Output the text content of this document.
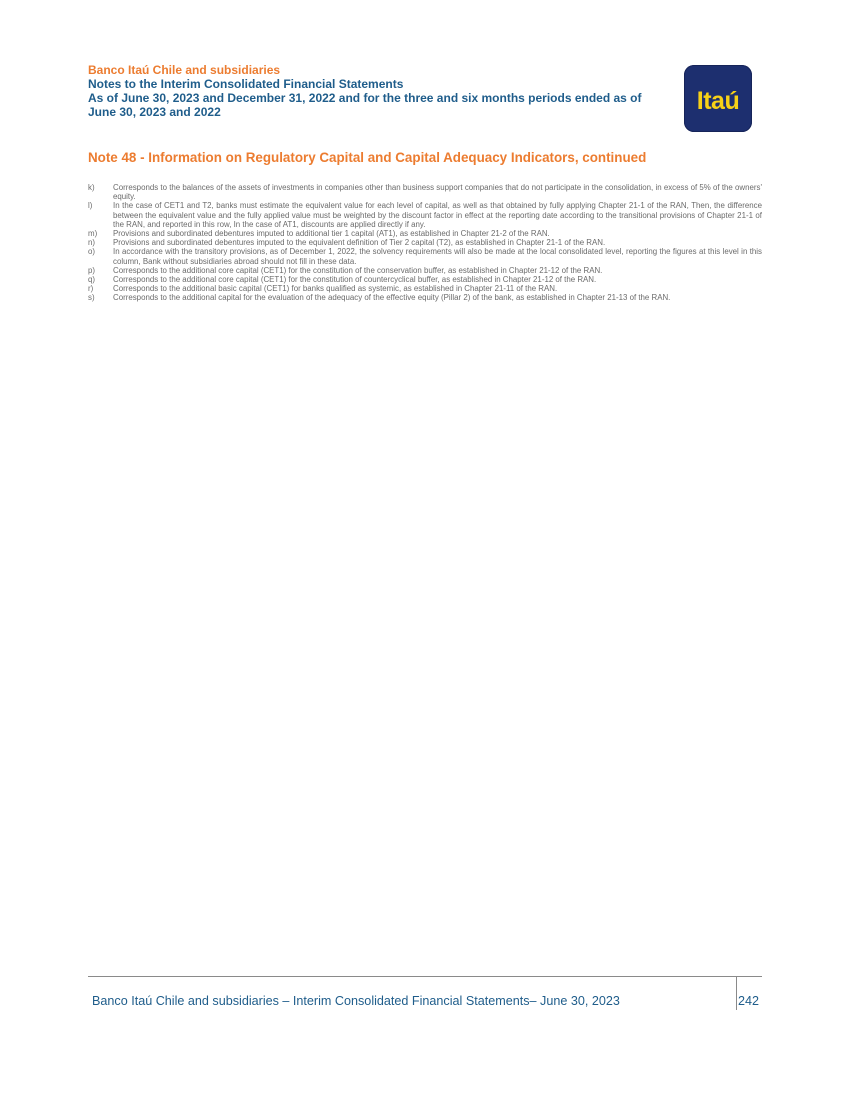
Banco Itaú Chile and subsidiaries
Notes to the Interim Consolidated Financial Statements
As of June 30, 2023 and December 31, 2022 and for the three and six months periods ended as of
June 30, 2023 and 2022	Itaú
Note 48 - Information on Regulatory Capital and Capital Adequacy Indicators, continued
k)	Corresponds to the balances of the assets of investments in companies other than business support companies that do not participate in the consolidation, in excess of 5% of the owners' equity.
l)	In the case of CET1 and T2, banks must estimate the equivalent value for each level of capital, as well as that obtained by fully applying Chapter 21-1 of the RAN, Then, the difference between the equivalent value and the fully applied value must be weighted by the discount factor in effect at the reporting date according to the transitional provisions of Chapter 21-1 of the RAN, and reported in this row, In the case of AT1, discounts are applied directly if any.
m)	Provisions and subordinated debentures imputed to additional tier 1 capital (AT1), as established in Chapter 21-2 of the RAN.
n)	Provisions and subordinated debentures imputed to the equivalent definition of Tier 2 capital (T2), as established in Chapter 21-1 of the RAN.
o)	In accordance with the transitory provisions, as of December 1, 2022, the solvency requirements will also be made at the local consolidated level, reporting the figures at this level in this column, Bank without subsidiaries abroad should not fill in these data.
p)	Corresponds to the additional core capital (CET1) for the constitution of the conservation buffer, as established in Chapter 21-12 of the RAN.
q)	Corresponds to the additional core capital (CET1) for the constitution of countercyclical buffer, as established in Chapter 21-12 of the RAN.
r)	Corresponds to the additional basic capital (CET1) for banks qualified as systemic, as established in Chapter 21-11 of the RAN.
s)	Corresponds to the additional capital for the evaluation of the adequacy of the effective equity (Pillar 2) of the bank, as established in Chapter 21-13 of the RAN.
Banco Itaú Chile and subsidiaries – Interim Consolidated Financial Statements– June 30, 2023	242
